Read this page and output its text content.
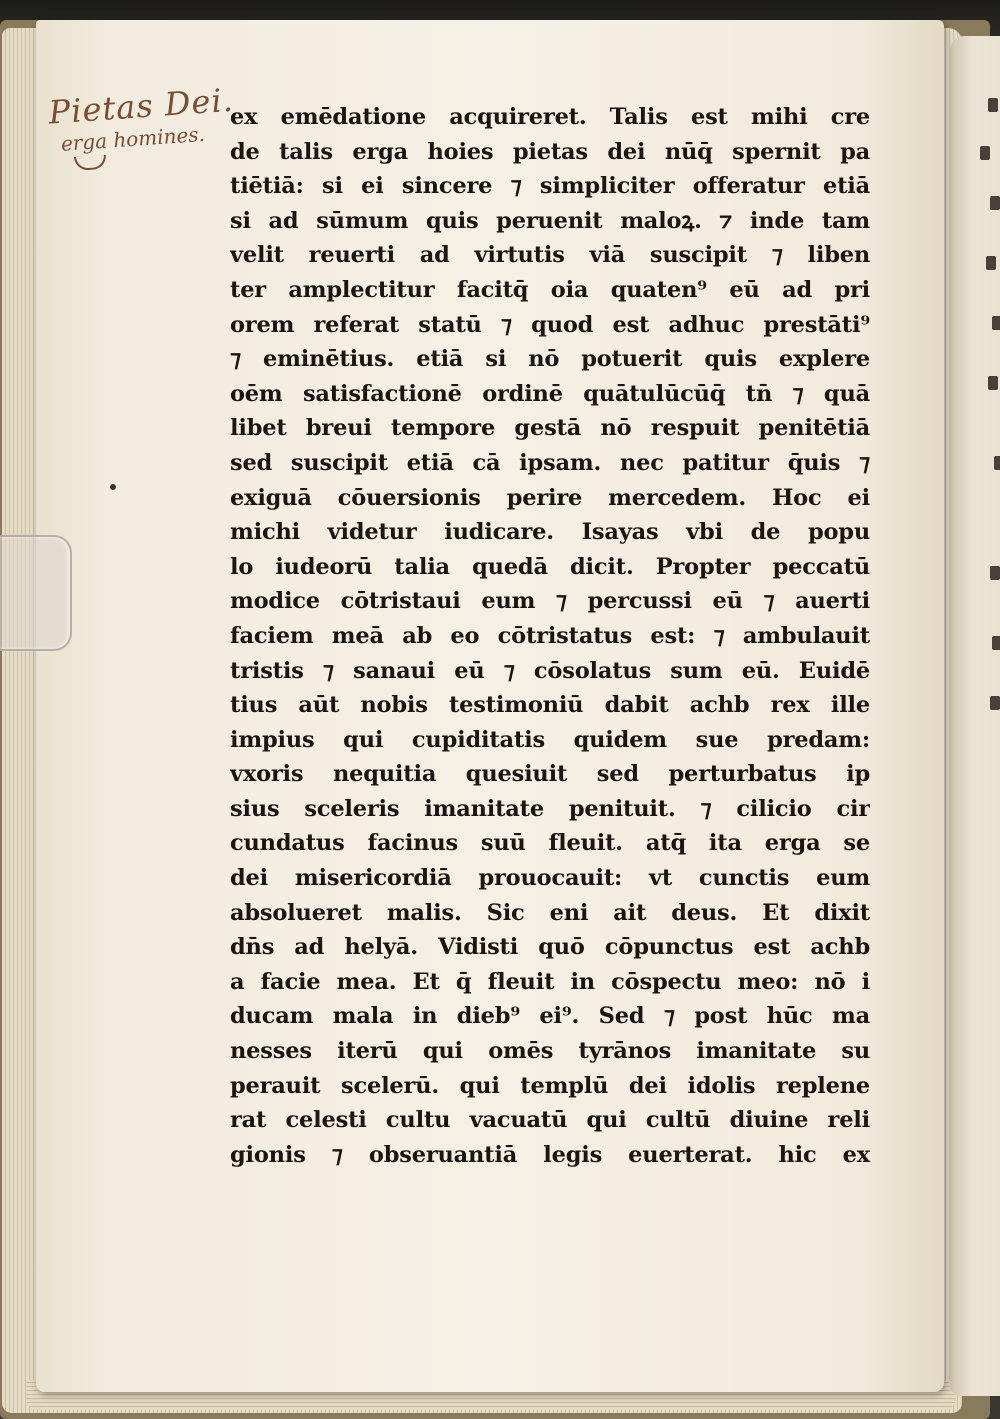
Pietas Dei.
erga homines.
ex emēdatione acquireret. Talis est mihi cre
de talis erga hoies pietas dei nūq̄ spernit pa
tiētiā: si ei sincere ⁊ simpliciter offeratur etiā
si ad sūmum quis peruenit maloꝝ. ⁊ inde tam
velit reuerti ad virtutis viā suscipit ⁊ liben
ter amplectitur facitq̄ oia quaten⁹ eū ad pri
orem referat statū ⁊ quod est adhuc prestāti⁹
⁊ eminētius. etiā si nō potuerit quis explere
oēm satisfactionē ordinē quātulūcūq̄ tn̄ ⁊ quā
libet breui tempore gestā nō respuit penitētiā
sed suscipit etiā cā ipsam. nec patitur q̄uis ⁊
exiguā cōuersionis perire mercedem. Hoc ei
michi videtur iudicare. Isayas vbi de popu
lo iudeorū talia quedā dicit. Propter peccatū
modice cōtristaui eum ⁊ percussi eū ⁊ auerti
faciem meā ab eo cōtristatus est: ⁊ ambulauit
tristis ⁊ sanaui eū ⁊ cōsolatus sum eū. Euidē
tius aūt nobis testimoniū dabit achb rex ille
impius qui cupiditatis quidem sue predam:
vxoris nequitia quesiuit sed perturbatus ip
sius sceleris imanitate penituit. ⁊ cilicio cir
cundatus facinus suū fleuit. atq̄ ita erga se
dei misericordiā prouocauit: vt cunctis eum
absolueret malis. Sic eni ait deus. Et dixit
dn̄s ad helyā. Vidisti quō cōpunctus est achb
a facie mea. Et q̄ fleuit in cōspectu meo: nō i
ducam mala in dieb⁹ ei⁹. Sed ⁊ post hūc ma
nesses iterū qui omēs tyrānos imanitate su
perauit scelerū. qui templū dei idolis replene
rat celesti cultu vacuatū qui cultū diuine reli
gionis ⁊ obseruantiā legis euerterat. hic ex
